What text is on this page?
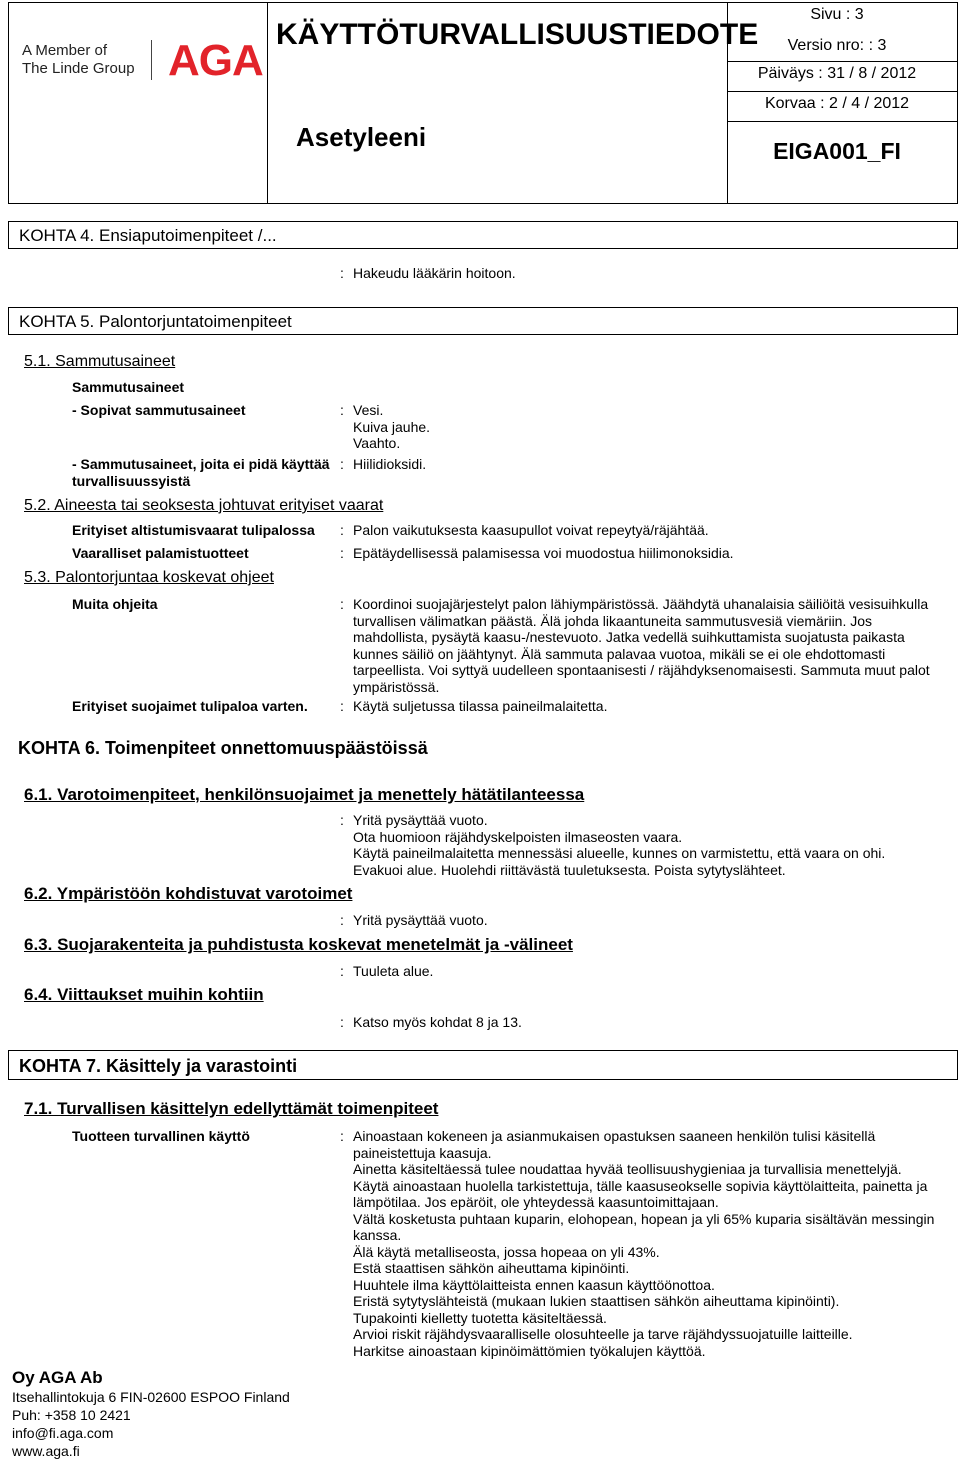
A Member of
The Linde Group AGA
KÄYTTÖTURVALLISUUSTIEDOTE
Asetyleeni
Sivu : 3
Versio nro: : 3
Päiväys : 31 / 8 / 2012
Korvaa : 2 / 4 / 2012
EIGA001_FI
KOHTA 4. Ensiaputoimenpiteet /...
: Hakeudu lääkärin hoitoon.
KOHTA 5. Palontorjuntatoimenpiteet
5.1. Sammutusaineet
Sammutusaineet
- Sopivat sammutusaineet	: Vesi.
Kuiva jauhe.
Vaahto.
- Sammutusaineet, joita ei pidä käyttää
turvallisuussyistä
: Hiilidioksidi.
5.2. Aineesta tai seoksesta johtuvat erityiset vaarat
Erityiset altistumisvaarat tulipalossa : Palon vaikutuksesta kaasupullot voivat repeytyä/räjähtää.
Vaaralliset palamistuotteet	: Epätäydellisessä palamisessa voi muodostua hiilimonoksidia.
5.3. Palontorjuntaa koskevat ohjeet
Muita ohjeita	: Koordinoi suojajärjestelyt palon lähiympäristössä. Jäähdytä uhanalaisia säiliöitä vesisuihkulla
turvallisen välimatkan päästä. Älä johda likaantuneita sammutusvesiä viemäriin. Jos
mahdollista, pysäytä kaasu-/nestevuoto. Jatka vedellä suihkuttamista suojatusta paikasta
kunnes säiliö on jäähtynyt. Älä sammuta palavaa vuotoa, mikäli se ei ole ehdottomasti
tarpeellista. Voi syttyä uudelleen spontaanisesti / räjähdyksenomaisesti. Sammuta muut palot
ympäristössä.
Erityiset suojaimet tulipaloa varten. : Käytä suljetussa tilassa paineilmalaitetta.
KOHTA 6. Toimenpiteet onnettomuuspäästöissä
6.1. Varotoimenpiteet, henkilönsuojaimet ja menettely hätätilanteessa
: Yritä pysäyttää vuoto.
Ota huomioon räjähdyskelpoisten ilmaseosten vaara.
Käytä paineilmalaitetta mennessäsi alueelle, kunnes on varmistettu, että vaara on ohi.
Evakuoi alue. Huolehdi riittävästä tuuletuksesta. Poista sytytyslähteet.
6.2. Ympäristöön kohdistuvat varotoimet
: Yritä pysäyttää vuoto.
6.3. Suojarakenteita ja puhdistusta koskevat menetelmät ja -välineet
: Tuuleta alue.
6.4. Viittaukset muihin kohtiin
: Katso myös kohdat 8 ja 13.
KOHTA 7. Käsittely ja varastointi
7.1. Turvallisen käsittelyn edellyttämät toimenpiteet
Tuotteen turvallinen käyttö	: Ainoastaan kokeneen ja asianmukaisen opastuksen saaneen henkilön tulisi käsitellä
paineistettuja kaasuja.
Ainetta käsiteltäessä tulee noudattaa hyvää teollisuushygieniaa ja turvallisia menettelyjä.
Käytä ainoastaan huolella tarkistettuja, tälle kaasuseokselle sopivia käyttölaitteita, painetta ja
lämpötilaa. Jos epäröit, ole yhteydessä kaasuntoimittajaan.
Vältä kosketusta puhtaan kuparin, elohopean, hopean ja yli 65% kuparia sisältävän messingin
kanssa.
Älä käytä metalliseosta, jossa hopeaa on yli 43%.
Estä staattisen sähkön aiheuttama kipinöinti.
Huuhtele ilma käyttölaitteista ennen kaasun käyttöönottoa.
Eristä sytytyslähteistä (mukaan lukien staattisen sähkön aiheuttama kipinöinti).
Tupakointi kielletty tuotetta käsiteltäessä.
Arvioi riskit räjähdysvaaralliselle olosuhteelle ja tarve räjähdyssuojatuille laitteille.
Harkitse ainoastaan kipinöimättömien työkalujen käyttöä.
Oy AGA Ab
Itsehallintokuja 6 FIN-02600 ESPOO Finland
Puh: +358 10 2421
info@fi.aga.com
www.aga.fi
